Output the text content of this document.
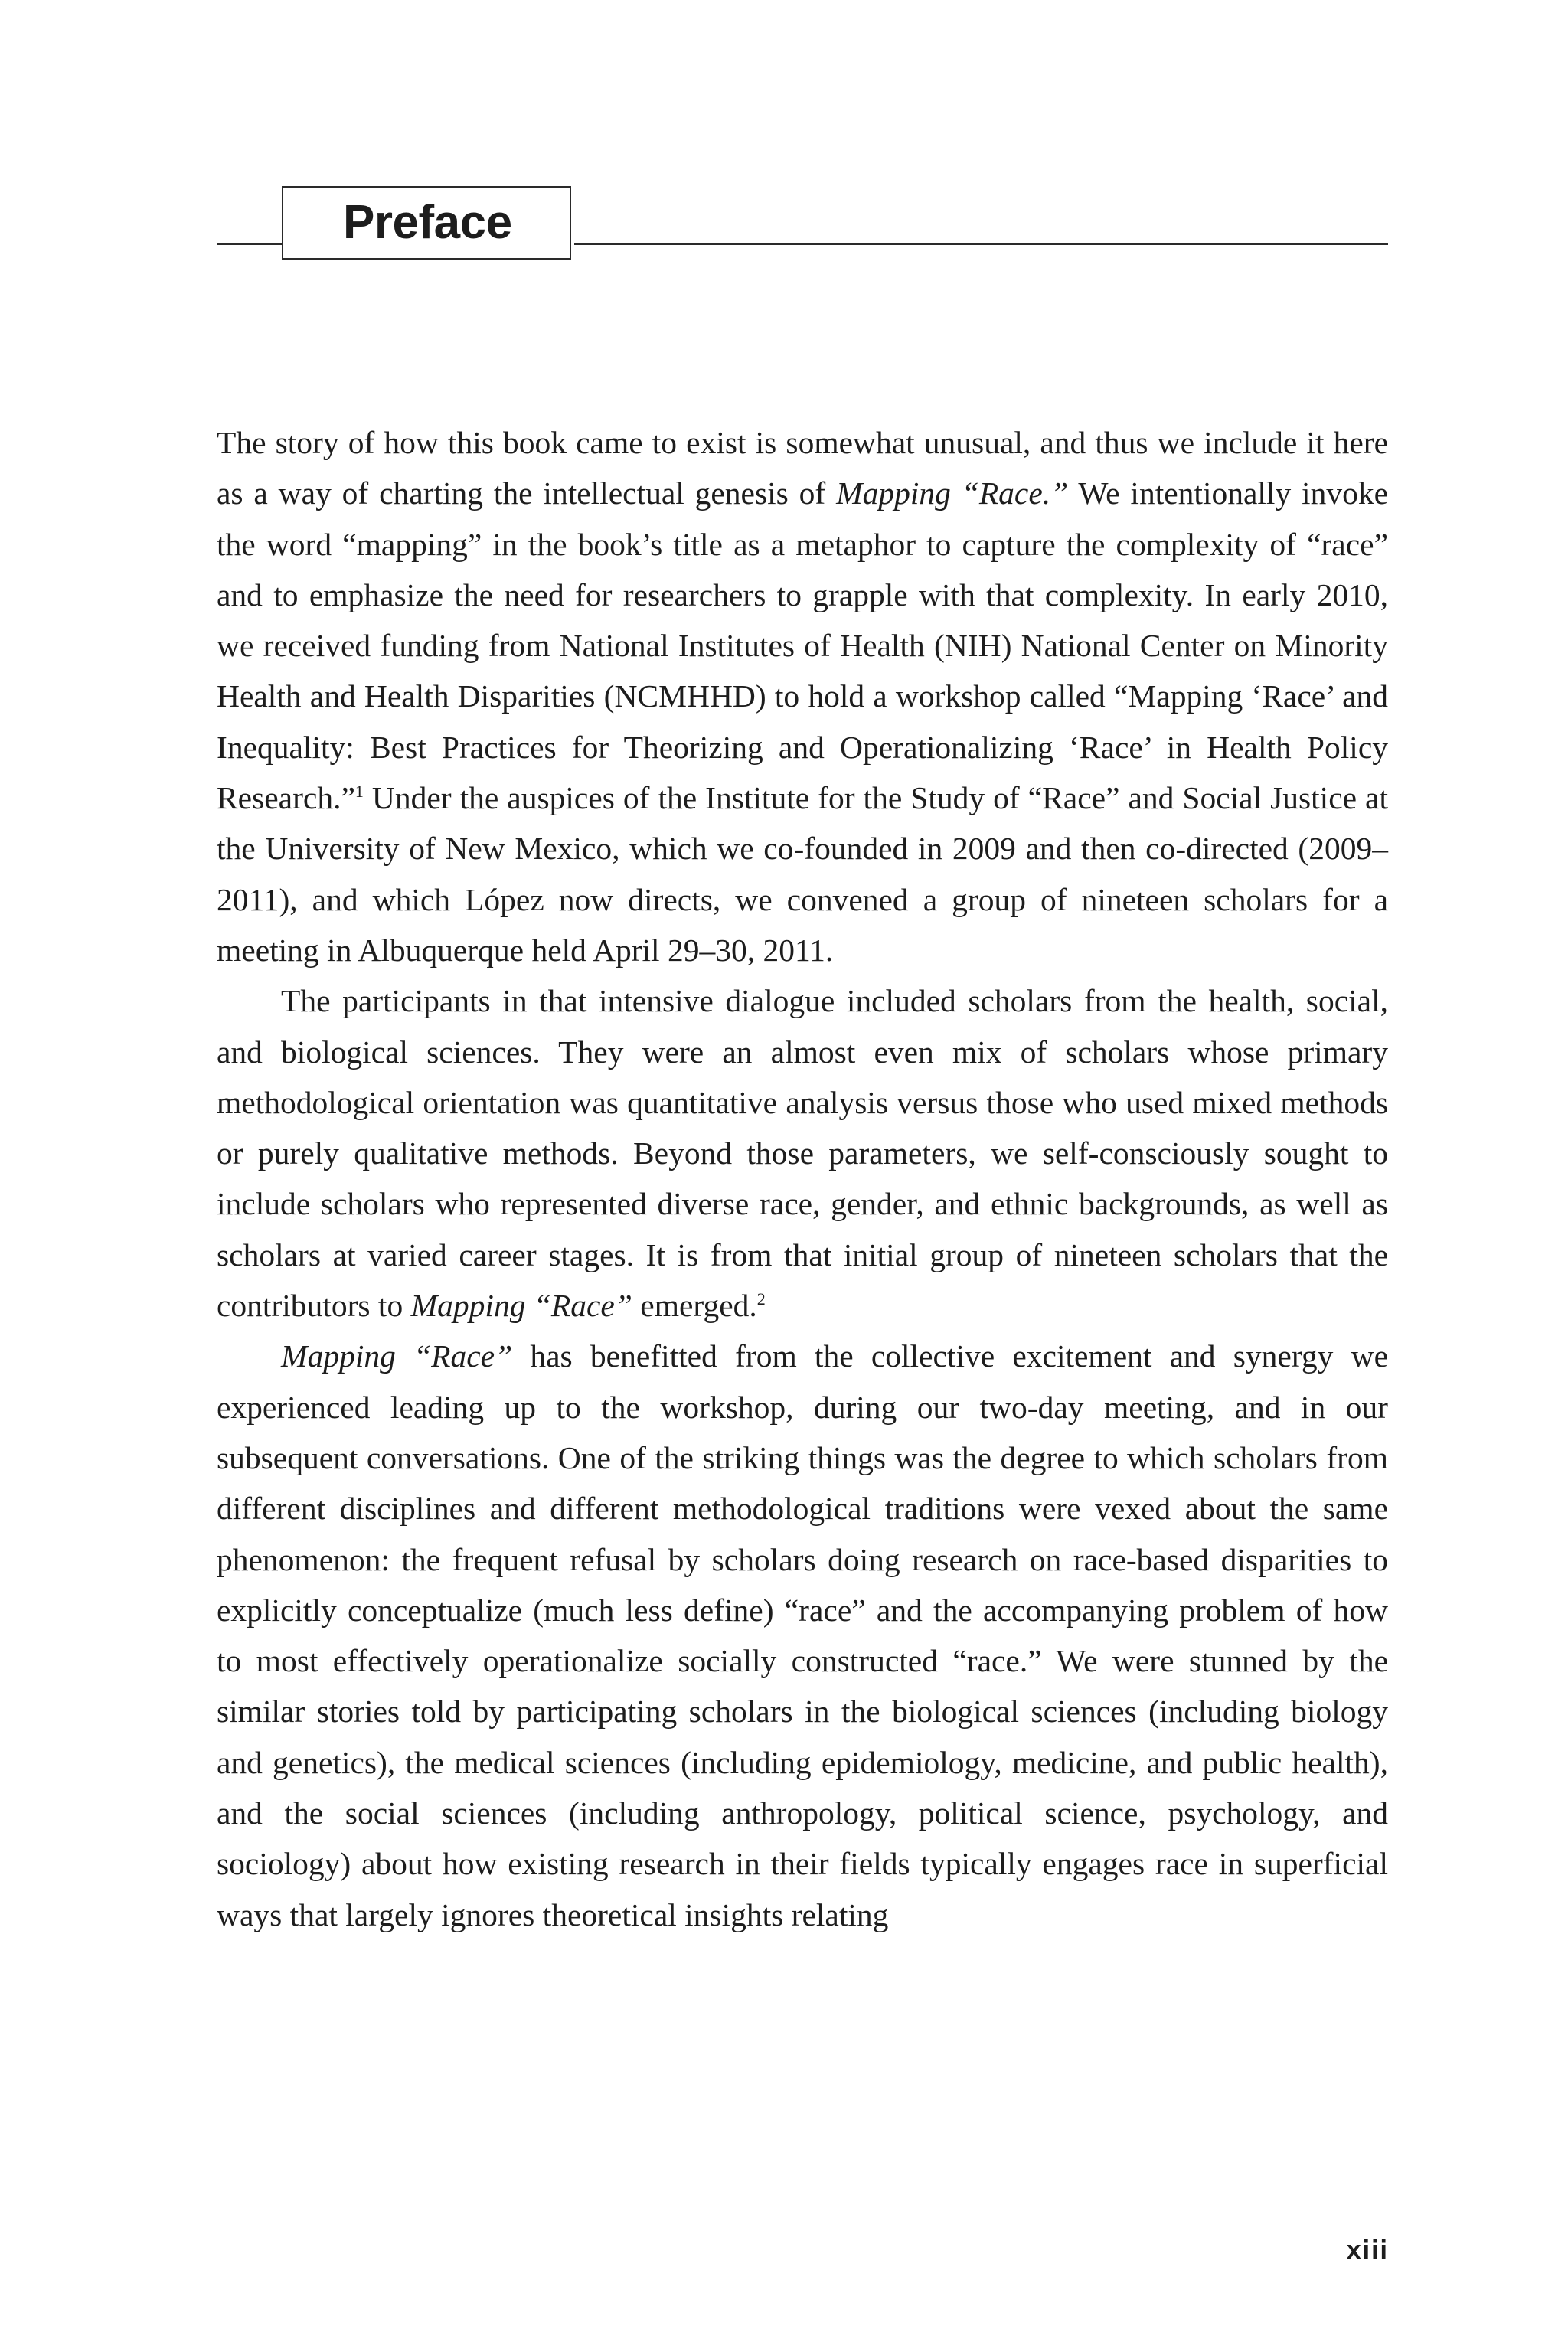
Preface

The story of how this book came to exist is somewhat unusual, and thus we include it here as a way of charting the intellectual genesis of Mapping “Race.” We intentionally invoke the word “mapping” in the book’s title as a metaphor to capture the complexity of “race” and to emphasize the need for researchers to grapple with that complexity. In early 2010, we received funding from National Institutes of Health (NIH) National Center on Minority Health and Health Disparities (NCMHHD) to hold a workshop called “Mapping ‘Race’ and Inequality: Best Practices for Theorizing and Operationalizing ‘Race’ in Health Policy Research.”$^1$ Under the auspices of the Institute for the Study of “Race” and Social Justice at the University of New Mexico, which we co-founded in 2009 and then co-directed (2009–2011), and which López now directs, we convened a group of nineteen scholars for a meeting in Albuquerque held April 29–30, 2011.

The participants in that intensive dialogue included scholars from the health, social, and biological sciences. They were an almost even mix of scholars whose primary methodological orientation was quantitative analysis versus those who used mixed methods or purely qualitative methods. Beyond those parameters, we self-consciously sought to include scholars who represented diverse race, gender, and ethnic backgrounds, as well as scholars at varied career stages. It is from that initial group of nineteen scholars that the contributors to Mapping “Race” emerged.$^2$

Mapping “Race” has benefitted from the collective excitement and synergy we experienced leading up to the workshop, during our two-day meeting, and in our subsequent conversations. One of the striking things was the degree to which scholars from different disciplines and different methodological traditions were vexed about the same phenomenon: the frequent refusal by scholars doing research on race-based disparities to explicitly conceptualize (much less define) “race” and the accompanying problem of how to most effectively operationalize socially constructed “race.” We were stunned by the similar stories told by participating scholars in the biological sciences (including biology and genetics), the medical sciences (including epidemiology, medicine, and public health), and the social sciences (including anthropology, political science, psychology, and sociology) about how existing research in their fields typically engages race in superficial ways that largely ignores theoretical insights relating

xiii
